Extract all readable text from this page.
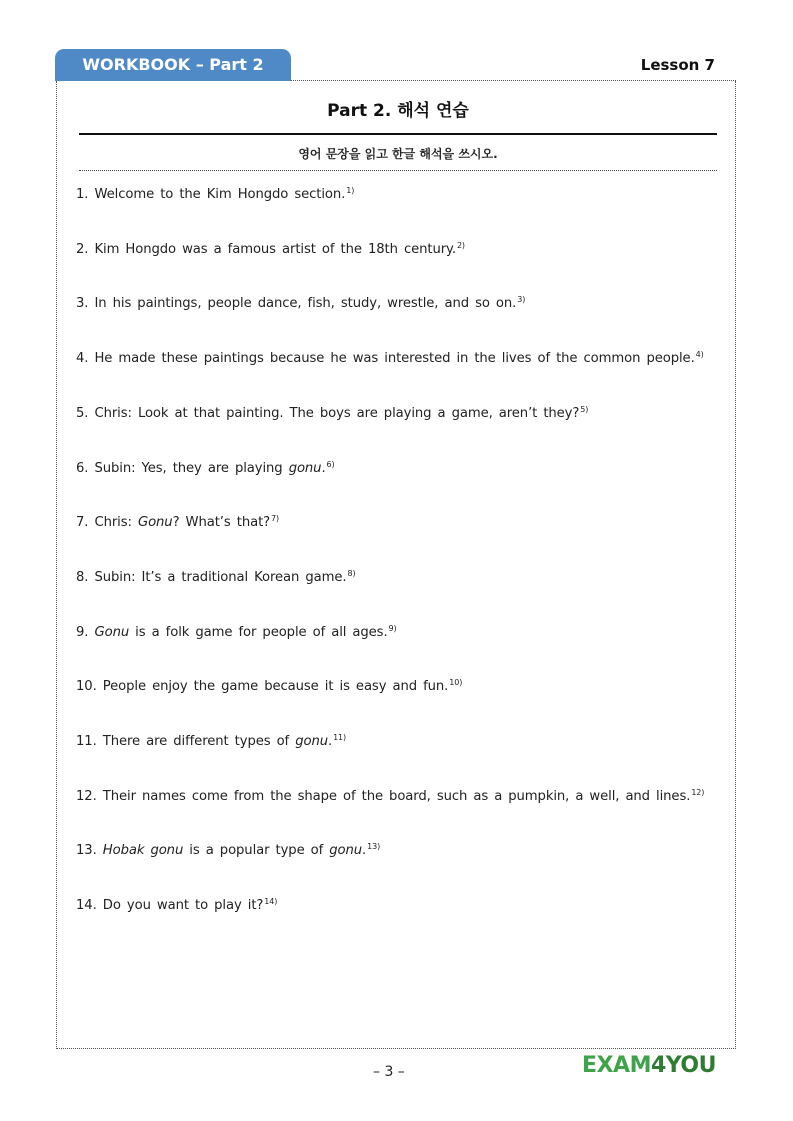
WORKBOOK – Part 2	Lesson 7
Part 2. 해석 연습
영어 문장을 읽고 한글 해석을 쓰시오.
1. Welcome to the Kim Hongdo section.$^{1)}$
2. Kim Hongdo was a famous artist of the 18th century.$^{2)}$
3. In his paintings, people dance, fish, study, wrestle, and so on.$^{3)}$
4. He made these paintings because he was interested in the lives of the common people.$^{4)}$
5. Chris: Look at that painting. The boys are playing a game, aren’t they?$^{5)}$
6. Subin: Yes, they are playing gonu.$^{6)}$
7. Chris: Gonu? What’s that?$^{7)}$
8. Subin: It’s a traditional Korean game.$^{8)}$
9. Gonu is a folk game for people of all ages.$^{9)}$
10. People enjoy the game because it is easy and fun.$^{10)}$
11. There are different types of gonu.$^{11)}$
12. Their names come from the shape of the board, such as a pumpkin, a well, and lines.$^{12)}$
13. Hobak gonu is a popular type of gonu.$^{13)}$
14. Do you want to play it?$^{14)}$
– 3 –	EXAM4YOU
